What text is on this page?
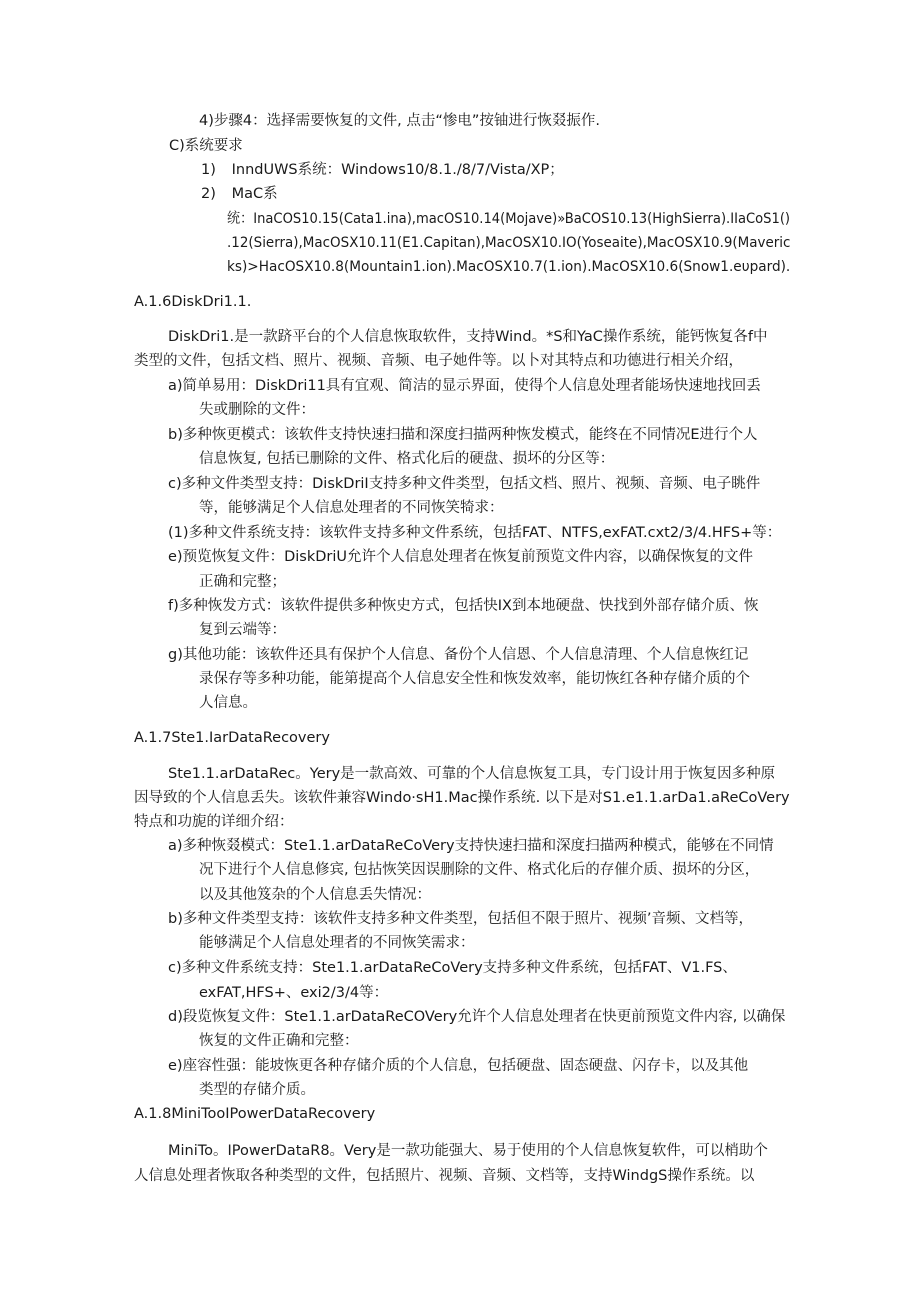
4)步骤4：选择需要恢复的文件, 点击“惨电”按铀进行恢叕振作.
C)系统要求
1) InndUWS系统：Windows10/8.1./8/7/Vista/XP；
2) MaC系
统：InaCOS10.15(Cata1.ina),macOS10.14(Mojave)»BaCOS10.13(HighSierra).IIaCoS1()
.12(Sierra),MacOSX10.11(E1.Capitan),MacOSX10.IO(Yoseaite),MacOSX10.9(Maveric
ks)>HacOSX10.8(Mountain1.ion).MacOSX10.7(1.ion).MacOSX10.6(Snow1.eυpard).
A.1.6DiskDri1.1.
DiskDri1.是一款跻平台的个人信息恢取软件，支持Wind。*S和YaC操作系统，能钙恢复各f中
类型的文件，包括文档、照片、视频、音频、电子她件等。以卜对其特点和功德进行相关介绍，
a)简单易用：DiskDri11具有宜观、简洁的显示界面，使得个人信息处理者能场快速地找回丢
失或删除的文件：
b)多种恢更模式：该软件支持快速扫描和深度扫描两种恢发模式，能终在不同情况E进行个人
信息恢复, 包括已删除的文件、格式化后的硬盘、损坏的分区等：
c)多种文件类型支持：DiskDriI支持多种文件类型，包括文档、照片、视频、音频、电子眺件
等，能够满足个人信息处理者的不同恢笑犄求：
(1)多种文件系统支持：该软件支持多种文件系统，包括FAT、NTFS,exFAT.cxt2/3/4.HFS+等：
e)预览恢复文件：DiskDriU允许个人信息处理者在恢复前预览文件内容，以确保恢复的文件
正确和完整；
f)多种恢发方式：该软件提供多种恢史方式，包括快IX到本地硬盘、快找到外部存储介质、恢
复到云端等：
g)其他功能：该软件还具有保护个人信息、备份个人信恩、个人信息清理、个人信息恢红记
录保存等多种功能，能第提高个人信息安全性和恢发效率，能切恢红各种存储介质的个
人信息。
A.1.7Ste1.IarDataRecovery
Ste1.1.arDataRec。Yery是一款高效、可靠的个人信息恢复工具，专门设计用于恢复因多种原
因导致的个人信息丢失。该软件兼容Windo·sH1.Mac操作系统. 以下是对S1.e1.1.arDa1.aReCoVery
特点和功旎的详细介绍：
a)多种恢叕模式：Ste1.1.arDataReCoVery支持快速扫描和深度扫描两种模式，能够在不同情
况下进行个人信息修宾, 包拈恢笑因误删除的文件、格式化后的存催介质、损坏的分区，
以及其他笈杂的个人信息丢失情况：
b)多种文件类型支持：该软件支持多种文件类型，包括但不限于照片、视频’音频、文档等，
能够满足个人信息处理者的不同恢笑需求：
c)多种文件系统支持：Ste1.1.arDataReCoVery支持多种文件系统，包括FAT、V1.FS、
exFAT,HFS+、exi2/3/4等：
d)段览恢复文件：Ste1.1.arDataReCOVery允许个人信息处理者在快更前预览文件内容, 以确保
恢复的文件正确和完整：
e)座容性强：能坡恢更各种存储介质的个人信息，包括硬盘、固态硬盘、闪存卡，以及其他
类型的存储介质。
A.1.8MiniTooIPowerDataRecovery
MiniTo。IPowerDataR8。Very是一款功能强大、易于使用的个人信息恢复软件，可以梢助个
人信息处理者恢取各种类型的文件，包括照片、视频、音频、文档等，支持WindgS操作系统。以
